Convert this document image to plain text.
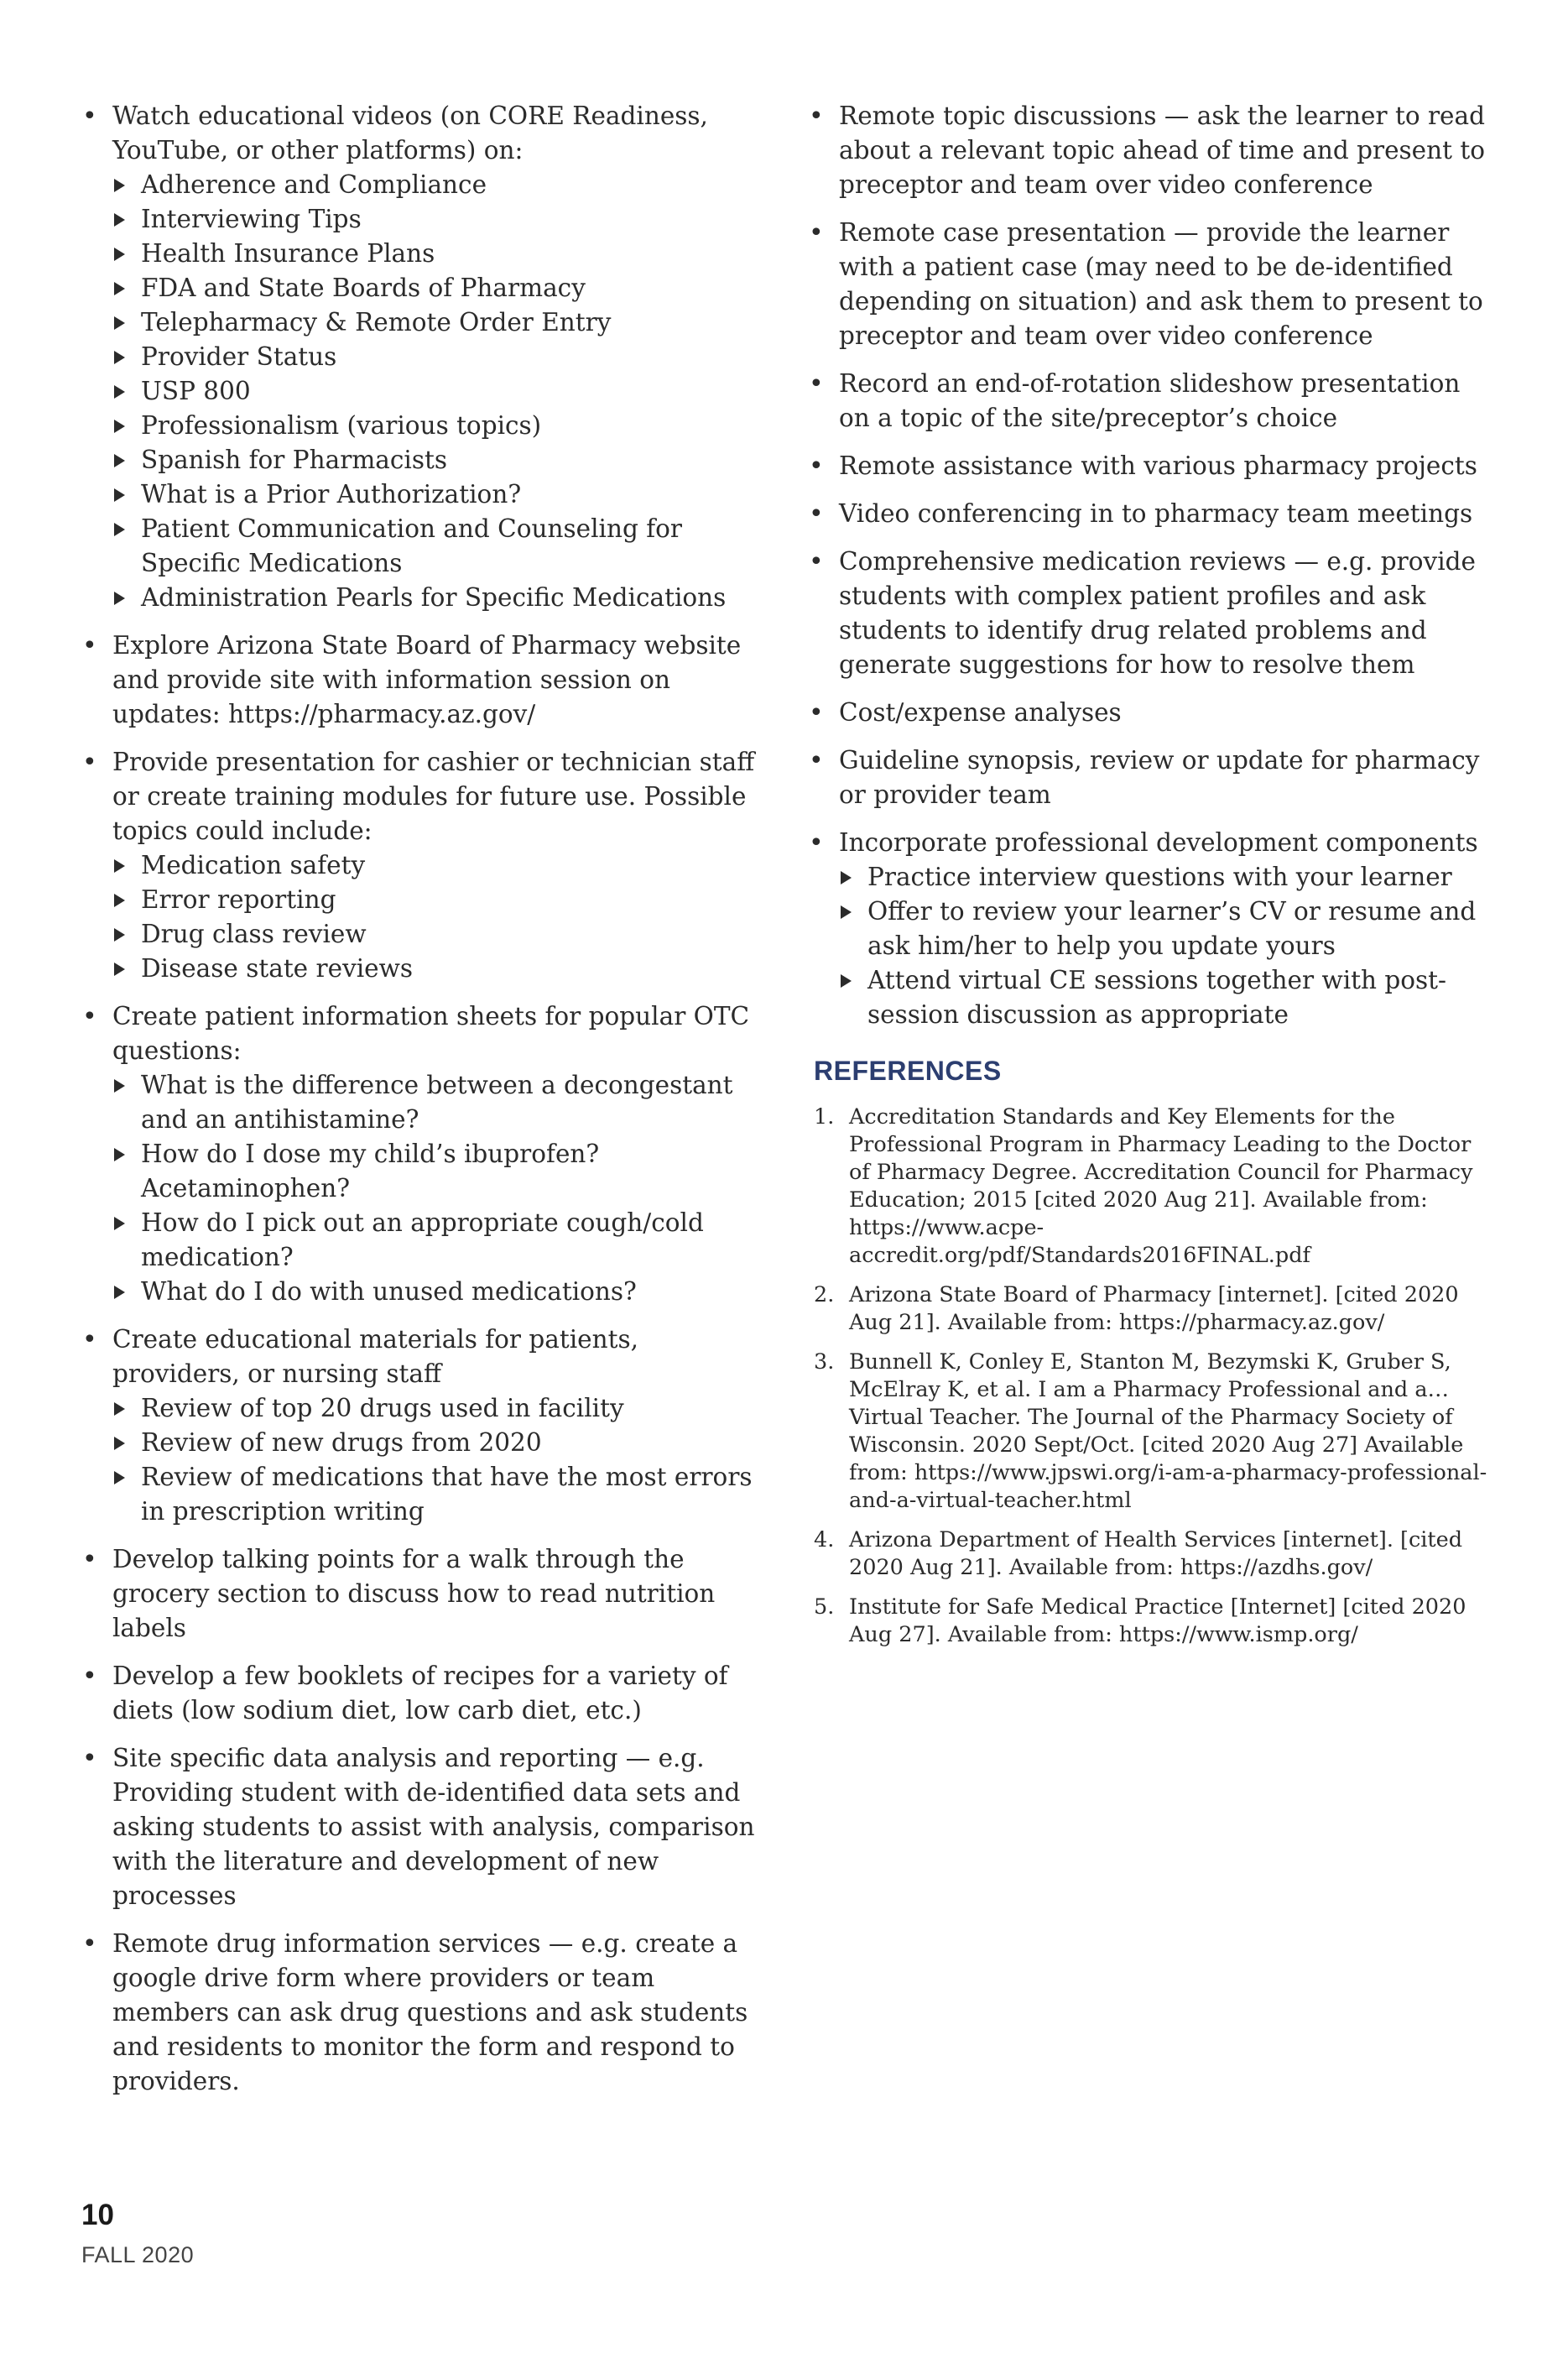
• Watch educational videos (on CORE Readiness, YouTube, or other platforms) on:
Adherence and Compliance
Interviewing Tips
Health Insurance Plans
FDA and State Boards of Pharmacy
Telepharmacy & Remote Order Entry
Provider Status
USP 800
Professionalism (various topics)
Spanish for Pharmacists
What is a Prior Authorization?
Patient Communication and Counseling for Specific Medications
Administration Pearls for Specific Medications
• Explore Arizona State Board of Pharmacy website and provide site with information session on updates: https://pharmacy.az.gov/
• Provide presentation for cashier or technician staff or create training modules for future use. Possible topics could include:
Medication safety
Error reporting
Drug class review
Disease state reviews
• Create patient information sheets for popular OTC questions:
What is the difference between a decongestant and an antihistamine?
How do I dose my child’s ibuprofen? Acetaminophen?
How do I pick out an appropriate cough/cold medication?
What do I do with unused medications?
• Create educational materials for patients, providers, or nursing staff
Review of top 20 drugs used in facility
Review of new drugs from 2020
Review of medications that have the most errors in prescription writing
• Develop talking points for a walk through the grocery section to discuss how to read nutrition labels
• Develop a few booklets of recipes for a variety of diets (low sodium diet, low carb diet, etc.)
• Site specific data analysis and reporting — e.g. Providing student with de-identified data sets and asking students to assist with analysis, comparison with the literature and development of new processes
• Remote drug information services — e.g. create a google drive form where providers or team members can ask drug questions and ask students and residents to monitor the form and respond to providers.
• Remote topic discussions — ask the learner to read about a relevant topic ahead of time and present to preceptor and team over video conference
• Remote case presentation — provide the learner with a patient case (may need to be de-identified depending on situation) and ask them to present to preceptor and team over video conference
• Record an end-of-rotation slideshow presentation on a topic of the site/preceptor’s choice
• Remote assistance with various pharmacy projects
• Video conferencing in to pharmacy team meetings
• Comprehensive medication reviews — e.g. provide students with complex patient profiles and ask students to identify drug related problems and generate suggestions for how to resolve them
• Cost/expense analyses
• Guideline synopsis, review or update for pharmacy or provider team
• Incorporate professional development components
Practice interview questions with your learner
Offer to review your learner’s CV or resume and ask him/her to help you update yours
Attend virtual CE sessions together with post-session discussion as appropriate
REFERENCES
1. Accreditation Standards and Key Elements for the Professional Program in Pharmacy Leading to the Doctor of Pharmacy Degree. Accreditation Council for Pharmacy Education; 2015 [cited 2020 Aug 21]. Available from: https://www.acpe-accredit.org/pdf/Standards2016FINAL.pdf
2. Arizona State Board of Pharmacy [internet]. [cited 2020 Aug 21]. Available from: https://pharmacy.az.gov/
3. Bunnell K, Conley E, Stanton M, Bezymski K, Gruber S, McElray K, et al. I am a Pharmacy Professional and a… Virtual Teacher. The Journal of the Pharmacy Society of Wisconsin. 2020 Sept/Oct. [cited 2020 Aug 27] Available from: https://www.jpswi.org/i-am-a-pharmacy-professional-and-a-virtual-teacher.html
4. Arizona Department of Health Services [internet]. [cited 2020 Aug 21]. Available from: https://azdhs.gov/
5. Institute for Safe Medical Practice [Internet] [cited 2020 Aug 27]. Available from: https://www.ismp.org/
10
FALL 2020
